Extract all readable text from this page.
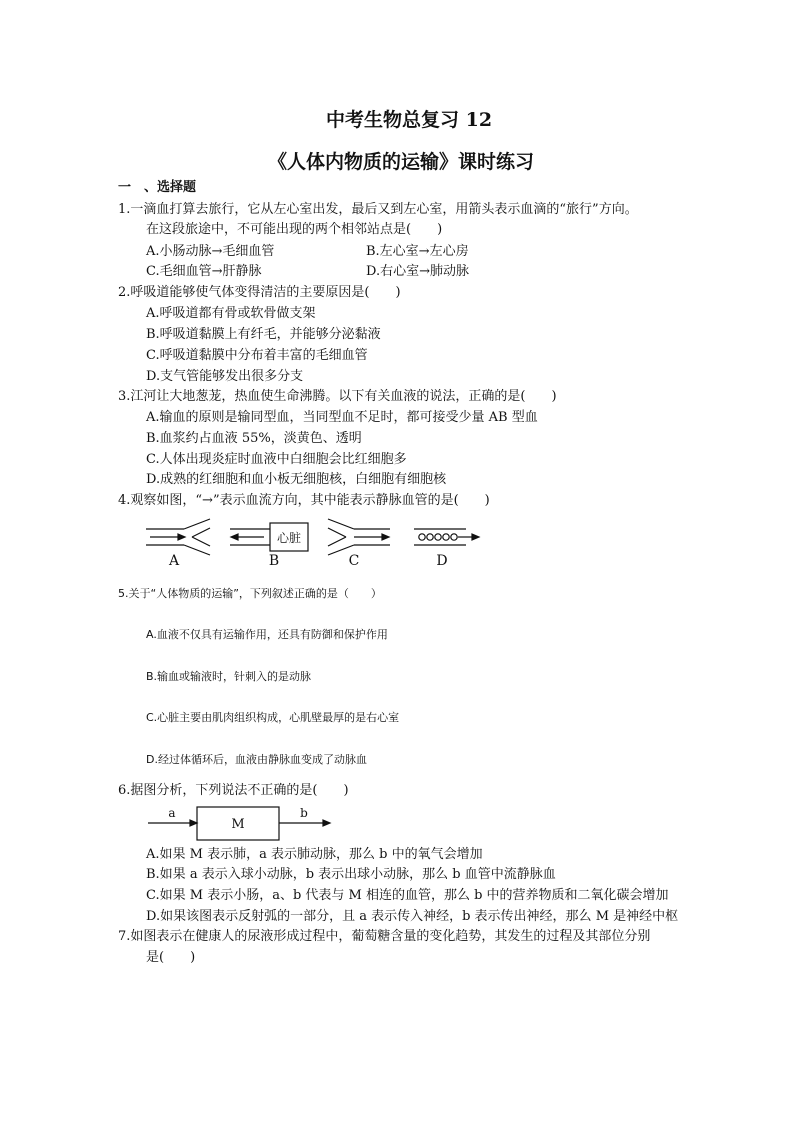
中考生物总复习 12
《人体内物质的运输》课时练习
一　、选择题
1.一滴血打算去旅行，它从左心室出发，最后又到左心室，用箭头表示血滴的“旅行”方向。
在这段旅途中，不可能出现的两个相邻站点是(　　)
A.小肠动脉→毛细血管	B.左心室→左心房
C.毛细血管→肝静脉	D.右心室→肺动脉
2.呼吸道能够使气体变得清洁的主要原因是(　　)
A.呼吸道都有骨或软骨做支架
B.呼吸道黏膜上有纤毛，并能够分泌黏液
C.呼吸道黏膜中分布着丰富的毛细血管
D.支气管能够发出很多分支
3.江河让大地葱茏，热血使生命沸腾。以下有关血液的说法，正确的是(　　)
A.输血的原则是输同型血，当同型血不足时，都可接受少量 AB 型血
B.血浆约占血液 55%，淡黄色、透明
C.人体出现炎症时血液中白细胞会比红细胞多
D.成熟的红细胞和血小板无细胞核，白细胞有细胞核
4.观察如图，“→”表示血流方向，其中能表示静脉血管的是(　　)
心脏
A	B	C	D
5.关于“人体物质的运输”，下列叙述正确的是（　　）
A.血液不仅具有运输作用，还具有防御和保护作用
B.输血或输液时，针刺入的是动脉
C.心脏主要由肌肉组织构成，心肌壁最厚的是右心室
D.经过体循环后，血液由静脉血变成了动脉血
6.据图分析，下列说法不正确的是(　　)
a
M
b
A.如果 M 表示肺，a 表示肺动脉，那么 b 中的氧气会增加
B.如果 a 表示入球小动脉，b 表示出球小动脉，那么 b 血管中流静脉血
C.如果 M 表示小肠，a、b 代表与 M 相连的血管，那么 b 中的营养物质和二氧化碳会增加
D.如果该图表示反射弧的一部分，且 a 表示传入神经，b 表示传出神经，那么 M 是神经中枢
7.如图表示在健康人的尿液形成过程中，葡萄糖含量的变化趋势，其发生的过程及其部位分别
是(　　)
